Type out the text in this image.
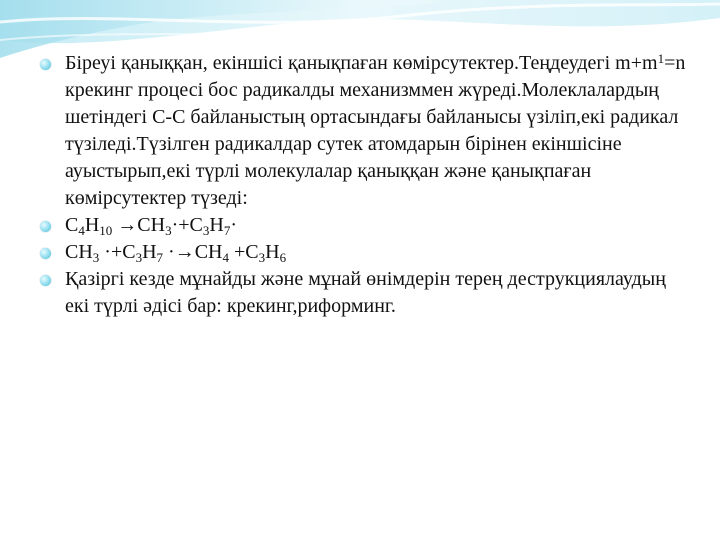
Біреуі қаныққан, екіншісі қанықпаған көмірсутектер.Теңдеудегі $m+m^1=n$ крекинг процесі бос радикалды механизммен жүреді.Молеклалардың шетіндегі С-С байланыстың ортасындағы байланысы үзіліп,екі радикал түзіледі.Түзілген радикалдар сутек атомдарын бірінен екіншісіне ауыстырып,екі түрлі молекулалар қаныққан және қанықпаған көмірсутектер түзеді:

$C_4H_{10} \to CH_3\cdot+C_3H_7\cdot$

$CH_3 \cdot+C_3H_7 \cdot\to CH_4 +C_3H_6$

Қазіргі кезде мұнайды және мұнай өнімдерін терең деструкциялаудың екі түрлі әдісі бар: крекинг,риформинг.
